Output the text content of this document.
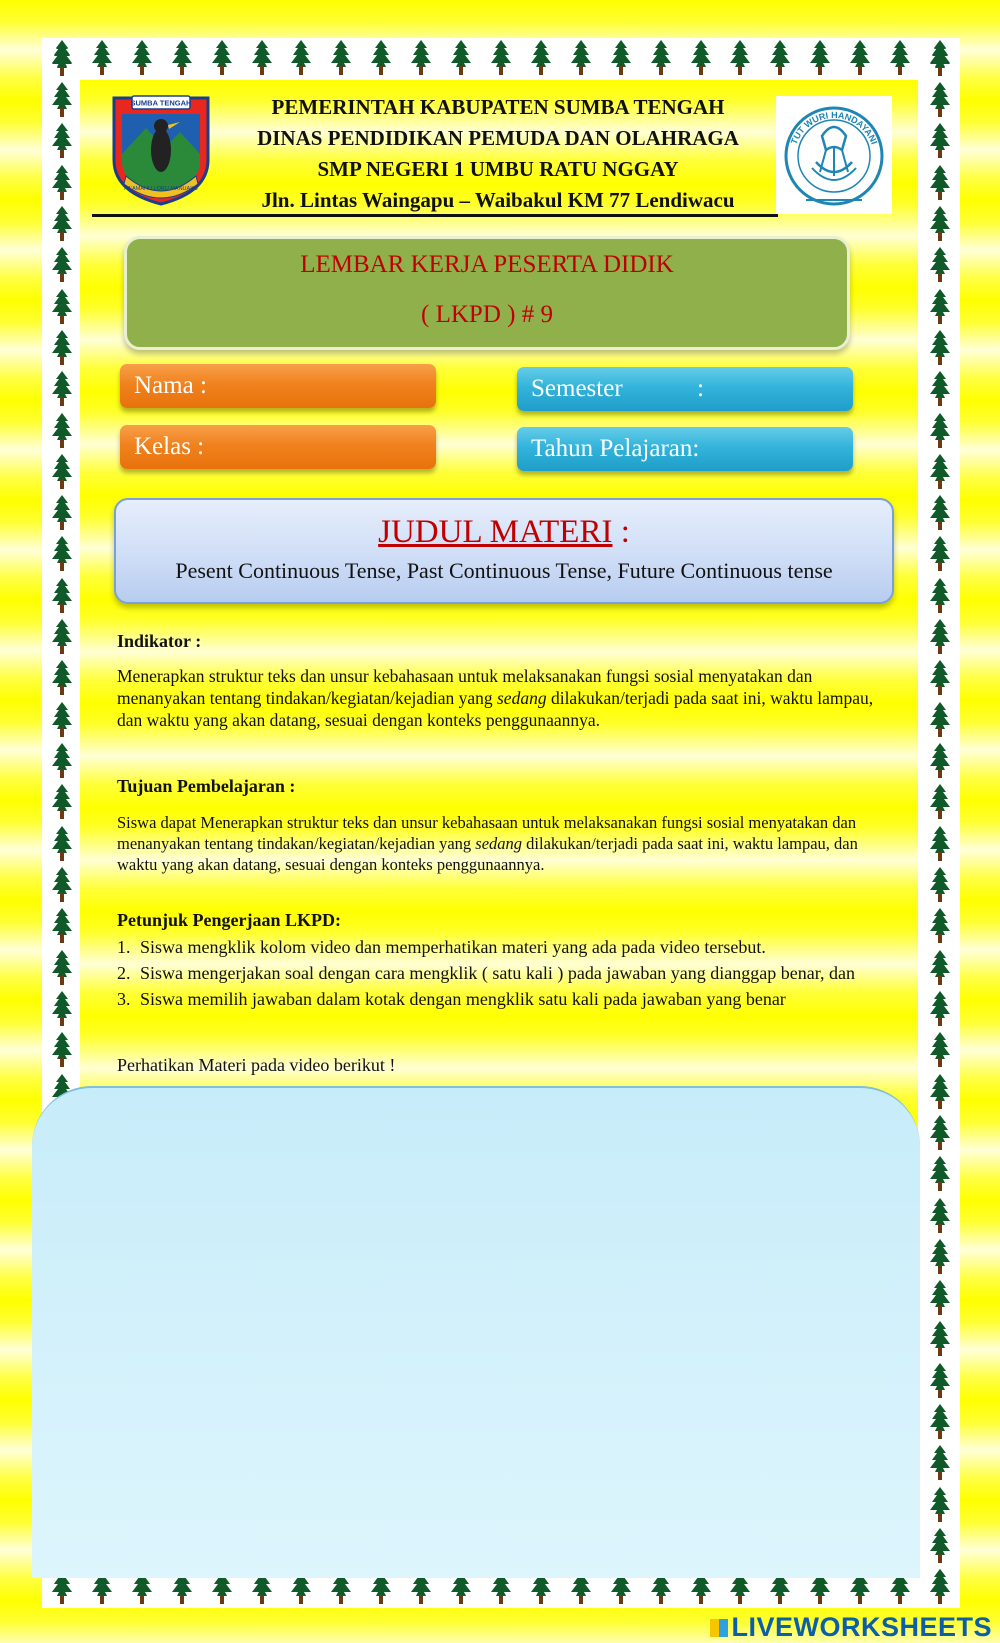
SUMBA TENGAH
PA'AMAHU LORU MANUAKU
PEMERINTAH KABUPATEN SUMBA TENGAH
DINAS PENDIDIKAN PEMUDA DAN OLAHRAGA
SMP NEGERI 1 UMBU RATU NGGAY
Jln. Lintas Waingapu – Waibakul KM 77 Lendiwacu
TUT WURI HANDAYANI
LEMBAR KERJA PESERTA DIDIK
( LKPD ) # 9
Nama :
Kelas :
Semester	:
Tahun Pelajaran:
JUDUL MATERI :
Pesent Continuous Tense, Past Continuous Tense, Future Continuous tense
Indikator :
Menerapkan struktur teks dan unsur kebahasaan untuk melaksanakan fungsi sosial menyatakan dan menanyakan tentang tindakan/kegiatan/kejadian yang sedang dilakukan/terjadi pada saat ini, waktu lampau, dan waktu yang akan datang, sesuai dengan konteks penggunaannya.
Tujuan Pembelajaran :
Siswa dapat Menerapkan struktur teks dan unsur kebahasaan untuk melaksanakan fungsi sosial menyatakan dan menanyakan tentang tindakan/kegiatan/kejadian yang sedang dilakukan/terjadi pada saat ini, waktu lampau, dan waktu yang akan datang, sesuai dengan konteks penggunaannya.
Petunjuk Pengerjaan LKPD:
1. Siswa mengklik kolom video dan memperhatikan materi yang ada pada video tersebut.
2. Siswa mengerjakan soal dengan cara mengklik ( satu kali ) pada jawaban yang dianggap benar, dan
3. Siswa memilih jawaban dalam kotak dengan mengklik satu kali pada jawaban yang benar
Perhatikan Materi pada video berikut !
LIVEWORKSHEETS
